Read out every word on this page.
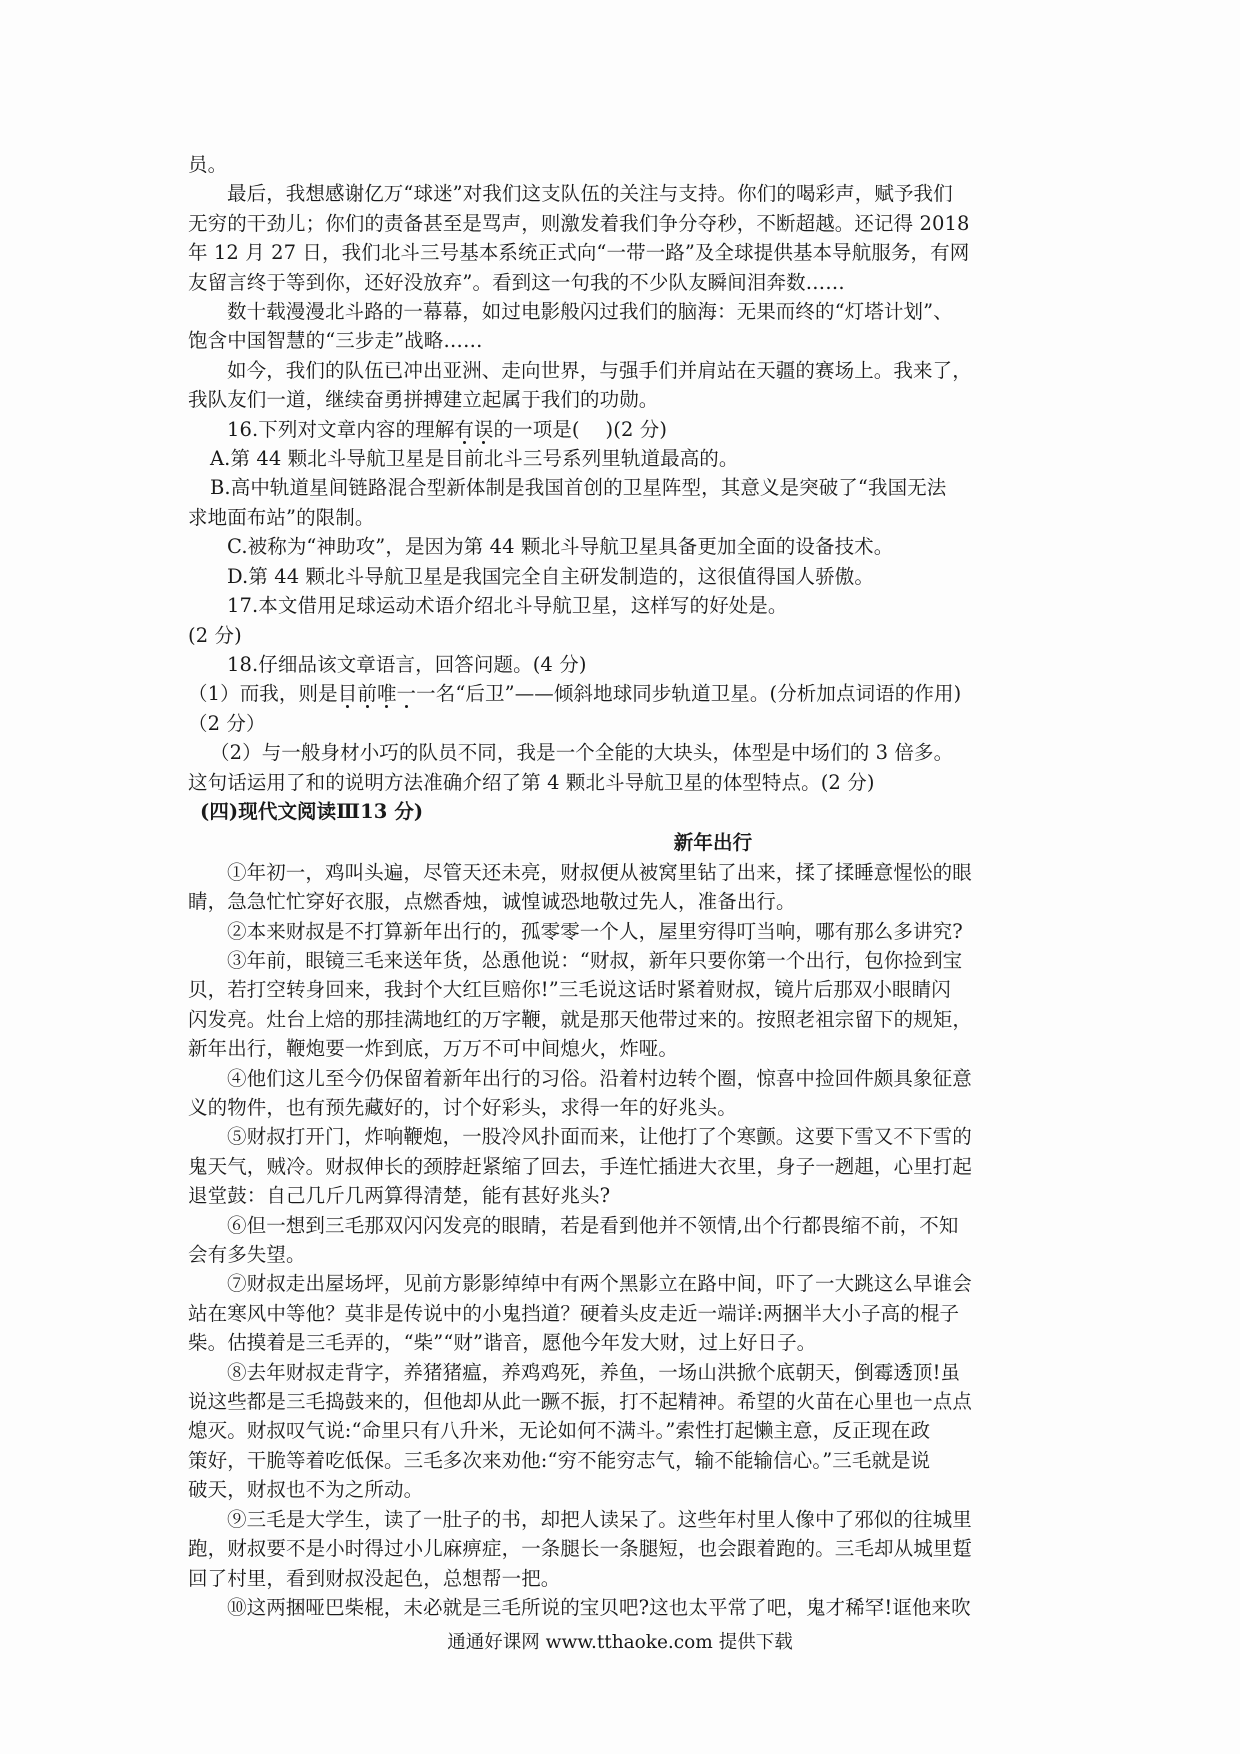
员。
最后，我想感谢亿万“球迷”对我们这支队伍的关注与支持。你们的喝彩声，赋予我们
无穷的干劲儿；你们的责备甚至是骂声，则激发着我们争分夺秒，不断超越。还记得 2018
年 12 月 27 日，我们北斗三号基本系统正式向“一带一路”及全球提供基本导航服务，有网
友留言终于等到你，还好没放弃”。看到这一句我的不少队友瞬间泪奔数……
数十载漫漫北斗路的一幕幕，如过电影般闪过我们的脑海：无果而终的“灯塔计划”、
饱含中国智慧的“三步走”战略……
如今，我们的队伍已冲出亚洲、走向世界，与强手们并肩站在天疆的赛场上。我来了，
我队友们一道，继续奋勇拼搏建立起属于我们的功勋。
16.下列对文章内容的理解有误的一项是(　 )(2 分)
A.第 44 颗北斗导航卫星是目前北斗三号系列里轨道最高的。
B.高中轨道星间链路混合型新体制是我国首创的卫星阵型，其意义是突破了“我国无法
求地面布站”的限制。
C.被称为“神助攻”，是因为第 44 颗北斗导航卫星具备更加全面的设备技术。
D.第 44 颗北斗导航卫星是我国完全自主研发制造的，这很值得国人骄傲。
17.本文借用足球运动术语介绍北斗导航卫星，这样写的好处是。
(2 分)
18.仔细品该文章语言，回答问题。(4 分)
（1）而我，则是目前唯一一名“后卫”——倾斜地球同步轨道卫星。(分析加点词语的作用)
（2 分）
（2）与一般身材小巧的队员不同，我是一个全能的大块头，体型是中场们的 3 倍多。
这句话运用了和的说明方法准确介绍了第 4 颗北斗导航卫星的体型特点。(2 分)
(四)现代文阅读Ⅲ13 分)
新年出行
①年初一，鸡叫头遍，尽管天还未亮，财叔便从被窝里钻了出来，揉了揉睡意惺忪的眼
睛，急急忙忙穿好衣服，点燃香烛，诚惶诚恐地敬过先人，准备出行。
②本来财叔是不打算新年出行的，孤零零一个人，屋里穷得叮当响，哪有那么多讲究?
③年前，眼镜三毛来送年货，怂恿他说：“财叔，新年只要你第一个出行，包你捡到宝
贝，若打空转身回来，我封个大红巨赔你!”三毛说这话时紧着财叔，镜片后那双小眼睛闪
闪发亮。灶台上焙的那挂满地红的万字鞭，就是那天他带过来的。按照老祖宗留下的规矩，
新年出行，鞭炮要一炸到底，万万不可中间熄火，炸哑。
④他们这儿至今仍保留着新年出行的习俗。沿着村边转个圈，惊喜中捡回件颇具象征意
义的物件，也有预先藏好的，讨个好彩头，求得一年的好兆头。
⑤财叔打开门，炸响鞭炮，一股冷风扑面而来，让他打了个寒颤。这要下雪又不下雪的
鬼天气，贼冷。财叔伸长的颈脖赶紧缩了回去，手连忙插进大衣里，身子一趔趄，心里打起
退堂鼓：自己几斤几两算得清楚，能有甚好兆头?
⑥但一想到三毛那双闪闪发亮的眼睛，若是看到他并不领情,出个行都畏缩不前，不知
会有多失望。
⑦财叔走出屋场坪，见前方影影绰绰中有两个黑影立在路中间，吓了一大跳这么早谁会
站在寒风中等他？莫非是传说中的小鬼挡道？硬着头皮走近一端详:两捆半大小子高的棍子
柴。估摸着是三毛弄的，“柴”“财”谐音，愿他今年发大财，过上好日子。
⑧去年财叔走背字，养猪猪瘟，养鸡鸡死，养鱼，一场山洪掀个底朝天，倒霉透顶!虽
说这些都是三毛捣鼓来的，但他却从此一蹶不振，打不起精神。希望的火苗在心里也一点点
熄灭。财叔叹气说:“命里只有八升米，无论如何不满斗。”索性打起懒主意，反正现在政
策好，干脆等着吃低保。三毛多次来劝他:“穷不能穷志气，输不能输信心。”三毛就是说
破天，财叔也不为之所动。
⑨三毛是大学生，读了一肚子的书，却把人读呆了。这些年村里人像中了邪似的往城里
跑，财叔要不是小时得过小儿麻痹症，一条腿长一条腿短，也会跟着跑的。三毛却从城里踅
回了村里，看到财叔没起色，总想帮一把。
⑩这两捆哑巴柴棍，未必就是三毛所说的宝贝吧?这也太平常了吧，鬼才稀罕!诓他来吹
通通好课网 www.tthaoke.com 提供下载
